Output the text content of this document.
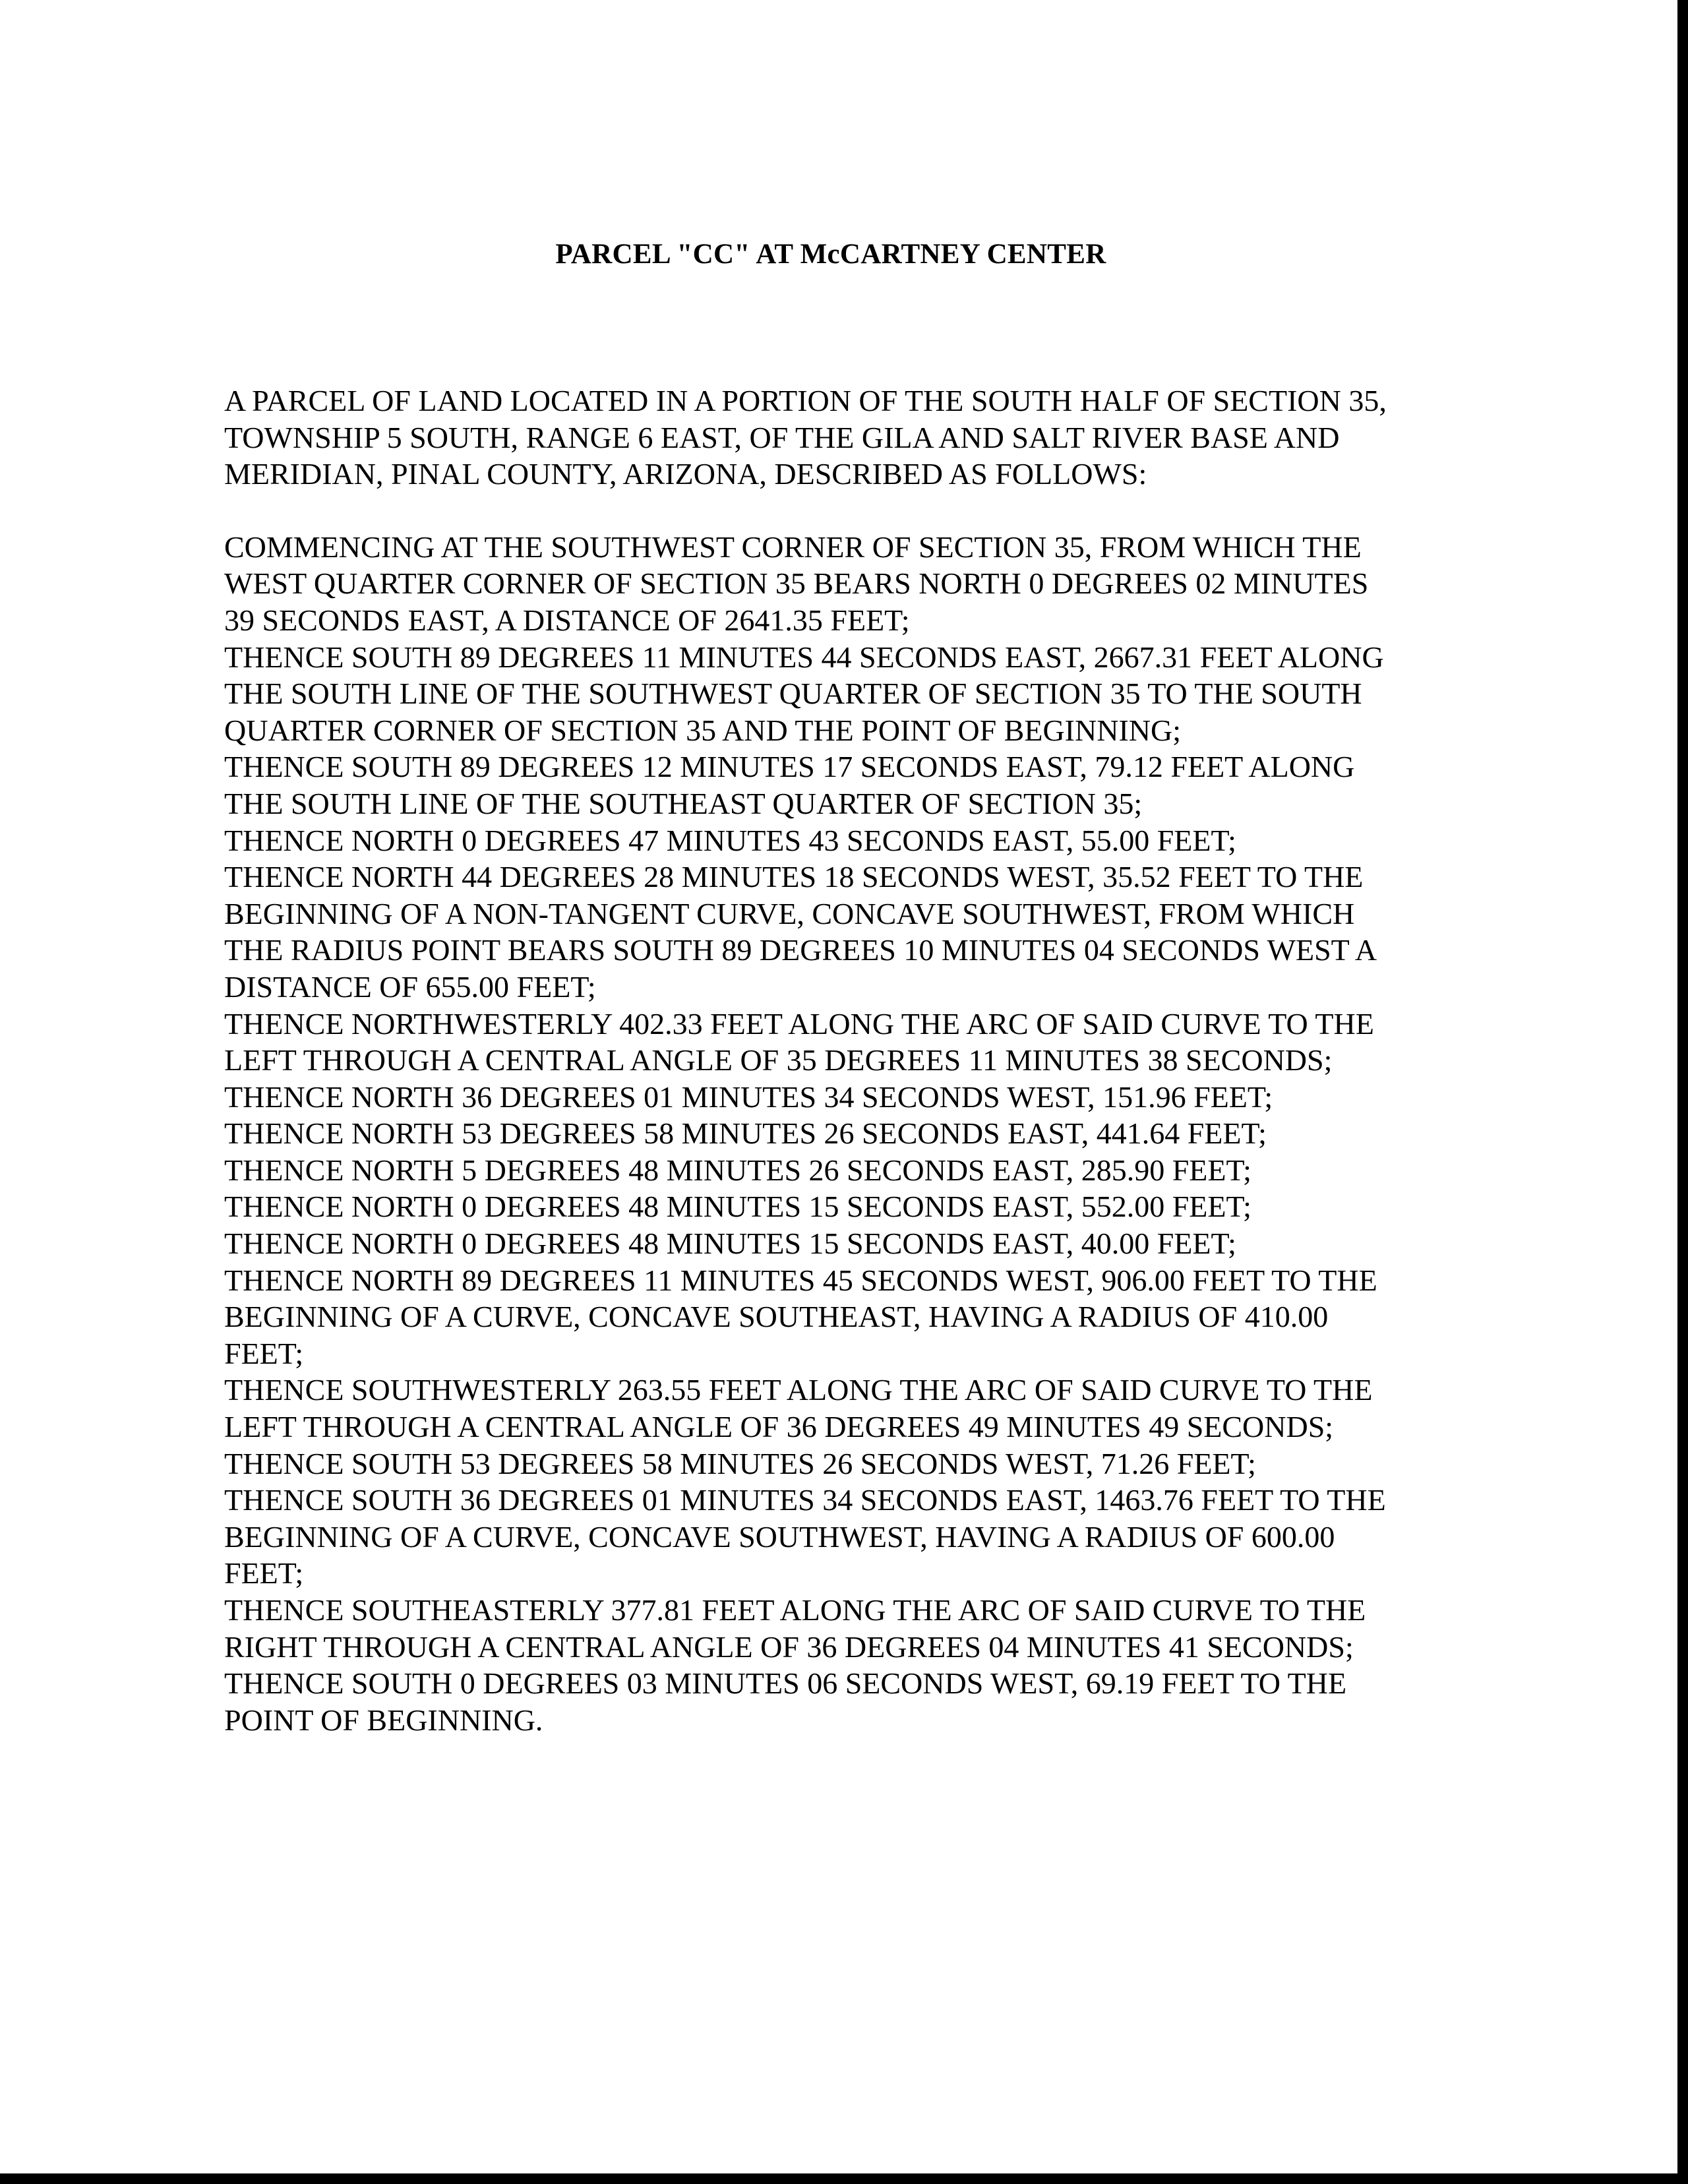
PARCEL "CC" AT McCARTNEY CENTER

A PARCEL OF LAND LOCATED IN A PORTION OF THE SOUTH HALF OF SECTION 35,
TOWNSHIP 5 SOUTH, RANGE 6 EAST, OF THE GILA AND SALT RIVER BASE AND
MERIDIAN, PINAL COUNTY, ARIZONA, DESCRIBED AS FOLLOWS:

COMMENCING AT THE SOUTHWEST CORNER OF SECTION 35, FROM WHICH THE
WEST QUARTER CORNER OF SECTION 35 BEARS NORTH 0 DEGREES 02 MINUTES
39 SECONDS EAST, A DISTANCE OF 2641.35 FEET;
THENCE SOUTH 89 DEGREES 11 MINUTES 44 SECONDS EAST, 2667.31 FEET ALONG
THE SOUTH LINE OF THE SOUTHWEST QUARTER OF SECTION 35 TO THE SOUTH
QUARTER CORNER OF SECTION 35 AND THE POINT OF BEGINNING;
THENCE SOUTH 89 DEGREES 12 MINUTES 17 SECONDS EAST, 79.12 FEET ALONG
THE SOUTH LINE OF THE SOUTHEAST QUARTER OF SECTION 35;
THENCE NORTH 0 DEGREES 47 MINUTES 43 SECONDS EAST, 55.00 FEET;
THENCE NORTH 44 DEGREES 28 MINUTES 18 SECONDS WEST, 35.52 FEET TO THE
BEGINNING OF A NON-TANGENT CURVE, CONCAVE SOUTHWEST, FROM WHICH
THE RADIUS POINT BEARS SOUTH 89 DEGREES 10 MINUTES 04 SECONDS WEST A
DISTANCE OF 655.00 FEET;
THENCE NORTHWESTERLY 402.33 FEET ALONG THE ARC OF SAID CURVE TO THE
LEFT THROUGH A CENTRAL ANGLE OF 35 DEGREES 11 MINUTES 38 SECONDS;
THENCE NORTH 36 DEGREES 01 MINUTES 34 SECONDS WEST, 151.96 FEET;
THENCE NORTH 53 DEGREES 58 MINUTES 26 SECONDS EAST, 441.64 FEET;
THENCE NORTH 5 DEGREES 48 MINUTES 26 SECONDS EAST, 285.90 FEET;
THENCE NORTH 0 DEGREES 48 MINUTES 15 SECONDS EAST, 552.00 FEET;
THENCE NORTH 0 DEGREES 48 MINUTES 15 SECONDS EAST, 40.00 FEET;
THENCE NORTH 89 DEGREES 11 MINUTES 45 SECONDS WEST, 906.00 FEET TO THE
BEGINNING OF A CURVE, CONCAVE SOUTHEAST, HAVING A RADIUS OF 410.00
FEET;
THENCE SOUTHWESTERLY 263.55 FEET ALONG THE ARC OF SAID CURVE TO THE
LEFT THROUGH A CENTRAL ANGLE OF 36 DEGREES 49 MINUTES 49 SECONDS;
THENCE SOUTH 53 DEGREES 58 MINUTES 26 SECONDS WEST, 71.26 FEET;
THENCE SOUTH 36 DEGREES 01 MINUTES 34 SECONDS EAST, 1463.76 FEET TO THE
BEGINNING OF A CURVE, CONCAVE SOUTHWEST, HAVING A RADIUS OF 600.00
FEET;
THENCE SOUTHEASTERLY 377.81 FEET ALONG THE ARC OF SAID CURVE TO THE
RIGHT THROUGH A CENTRAL ANGLE OF 36 DEGREES 04 MINUTES 41 SECONDS;
THENCE SOUTH 0 DEGREES 03 MINUTES 06 SECONDS WEST, 69.19 FEET TO THE
POINT OF BEGINNING.
